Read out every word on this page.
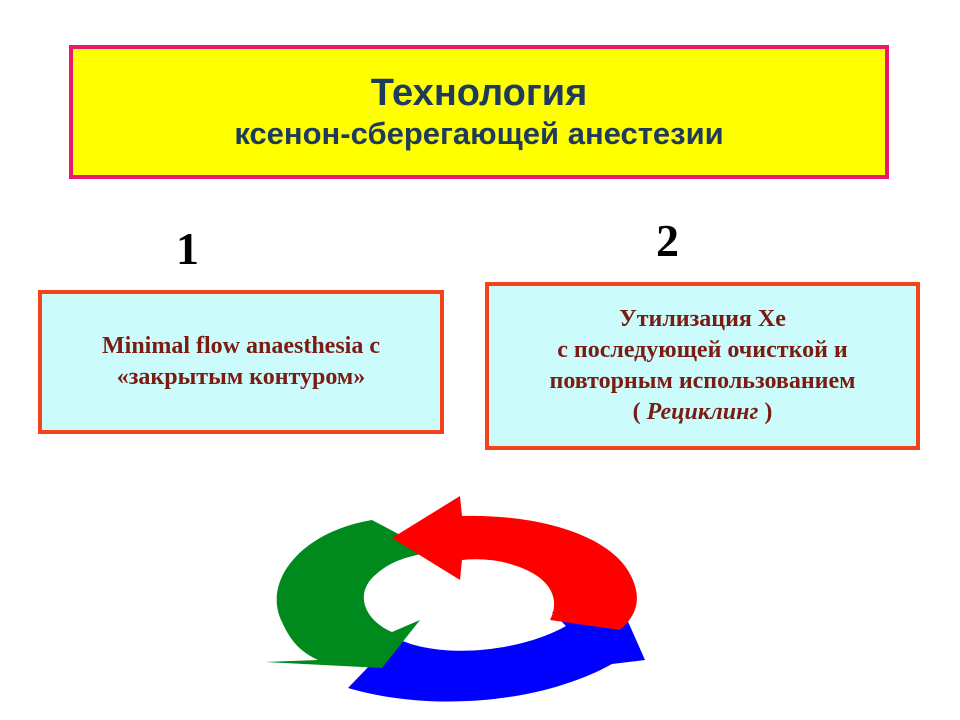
Технология
ксенон-сберегающей анестезии
1	2
Minimal flow anaesthesia с
«закрытым контуром»
Утилизация Хе
с последующей очисткой и
повторным использованием
( Рециклинг )
